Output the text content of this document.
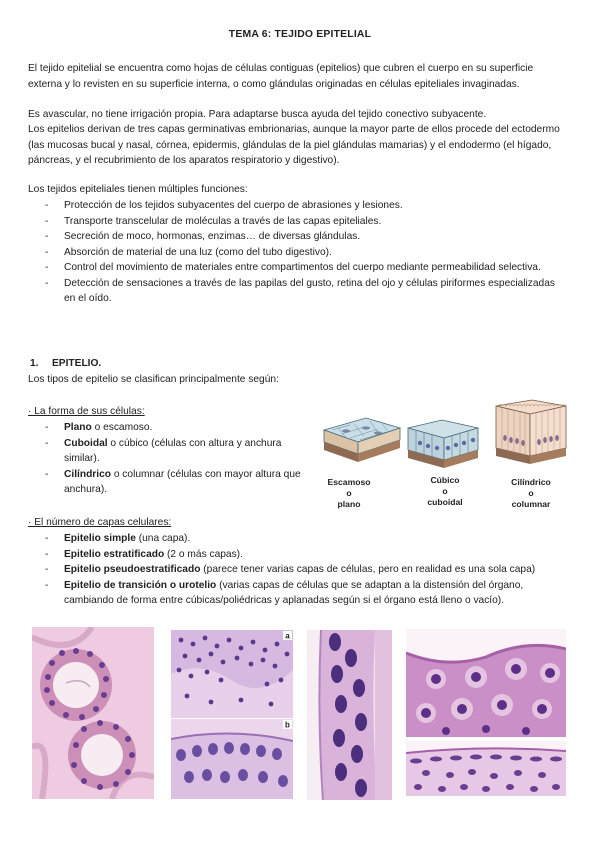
TEMA 6: TEJIDO EPITELIAL

El tejido epitelial se encuentra como hojas de células contiguas (epitelios) que cubren el cuerpo en su superficie externa y lo revisten en su superficie interna, o como glándulas originadas en células epiteliales invaginadas.

Es avascular, no tiene irrigación propia. Para adaptarse busca ayuda del tejido conectivo subyacente.

Los epitelios derivan de tres capas germinativas embrionarias, aunque la mayor parte de ellos procede del ectodermo (las mucosas bucal y nasal, córnea, epidermis, glándulas de la piel glándulas mamarias) y el endodermo (el hígado, páncreas, y el recubrimiento de los aparatos respiratorio y digestivo).

Los tejidos epiteliales tienen múltiples funciones:

- Protección de los tejidos subyacentes del cuerpo de abrasiones y lesiones.
- Transporte transcelular de moléculas a través de las capas epiteliales.
- Secreción de moco, hormonas, enzimas… de diversas glándulas.
- Absorción de material de una luz (como del tubo digestivo).
- Control del movimiento de materiales entre compartimentos del cuerpo mediante permeabilidad selectiva.
- Detección de sensaciones a través de las papilas del gusto, retina del ojo y células piriformes especializadas en el oído.
1. EPITELIO.

Los tipos de epitelio se clasifican principalmente según:

· La forma de sus células:

- Plano o escamoso.
- Cuboidal o cúbico (células con altura y anchura similar).
- Cilíndrico o columnar (células con mayor altura que anchura).
Escamoso
o
plano
Cúbico
o
cuboidal
Cilíndrico
o
columnar

· El número de capas celulares:

- Epitelio simple (una capa).
- Epitelio estratificado (2 o más capas).
- Epitelio pseudoestratificado (parece tener varias capas de células, pero en realidad es una sola capa)
- Epitelio de transición o urotelio (varias capas de células que se adaptan a la distensión del órgano, cambiando de forma entre cúbicas/poliédricas y aplanadas según si el órgano está lleno o vacío).
a
b
